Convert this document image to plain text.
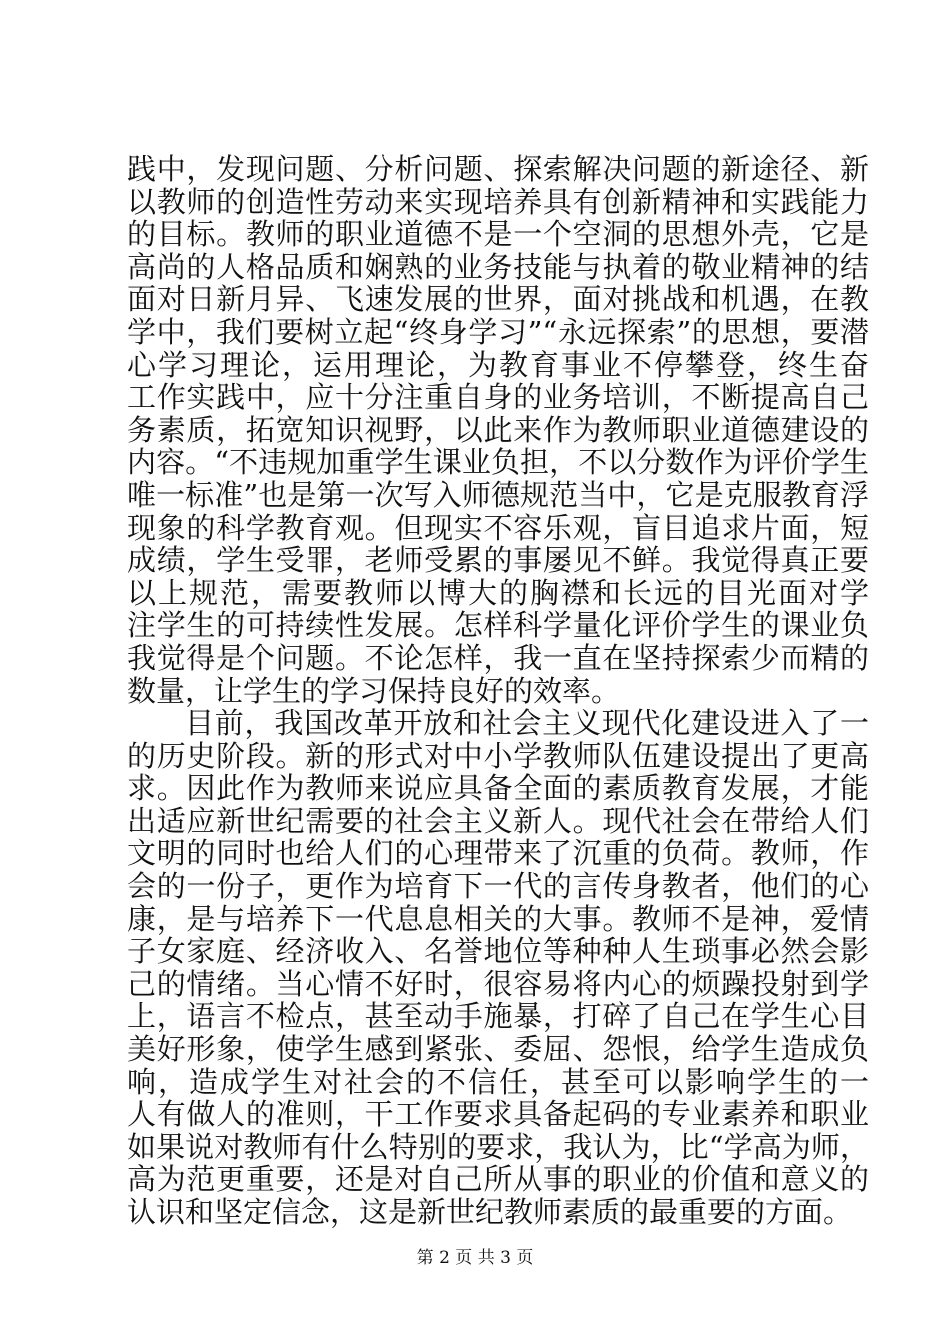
践中，发现问题、分析问题、探索解决问题的新途径、新
以教师的创造性劳动来实现培养具有创新精神和实践能力
的目标。教师的职业道德不是一个空洞的思想外壳，它是
高尚的人格品质和娴熟的业务技能与执着的敬业精神的结
面对日新月异、飞速发展的世界，面对挑战和机遇，在教
学中，我们要树立起“终身学习”“永远探索”的思想，要潜
心学习理论，运用理论，为教育事业不停攀登，终生奋
工作实践中，应十分注重自身的业务培训，不断提高自己
务素质，拓宽知识视野，以此来作为教师职业道德建设的
内容。“不违规加重学生课业负担，不以分数作为评价学生
唯一标准”也是第一次写入师德规范当中，它是克服教育浮
现象的科学教育观。但现实不容乐观，盲目追求片面，短
成绩，学生受罪，老师受累的事屡见不鲜。我觉得真正要
以上规范，需要教师以博大的胸襟和长远的目光面对学
注学生的可持续性发展。怎样科学量化评价学生的课业负
我觉得是个问题。不论怎样，我一直在坚持探索少而精的
数量，让学生的学习保持良好的效率。
目前，我国改革开放和社会主义现代化建设进入了一
的历史阶段。新的形式对中小学教师队伍建设提出了更高
求。因此作为教师来说应具备全面的素质教育发展，才能
出适应新世纪需要的社会主义新人。现代社会在带给人们
文明的同时也给人们的心理带来了沉重的负荷。教师，作
会的一份子，更作为培育下一代的言传身教者，他们的心
康，是与培养下一代息息相关的大事。教师不是神，爱情
子女家庭、经济收入、名誉地位等种种人生琐事必然会影
己的情绪。当心情不好时，很容易将内心的烦躁投射到学
上，语言不检点，甚至动手施暴，打碎了自己在学生心目
美好形象，使学生感到紧张、委屈、怨恨，给学生造成负
响，造成学生对社会的不信任，甚至可以影响学生的一
人有做人的准则，干工作要求具备起码的专业素养和职业
如果说对教师有什么特别的要求，我认为，比“学高为师，
高为范更重要，还是对自己所从事的职业的价值和意义的
认识和坚定信念，这是新世纪教师素质的最重要的方面。
第 2 页 共 3 页
